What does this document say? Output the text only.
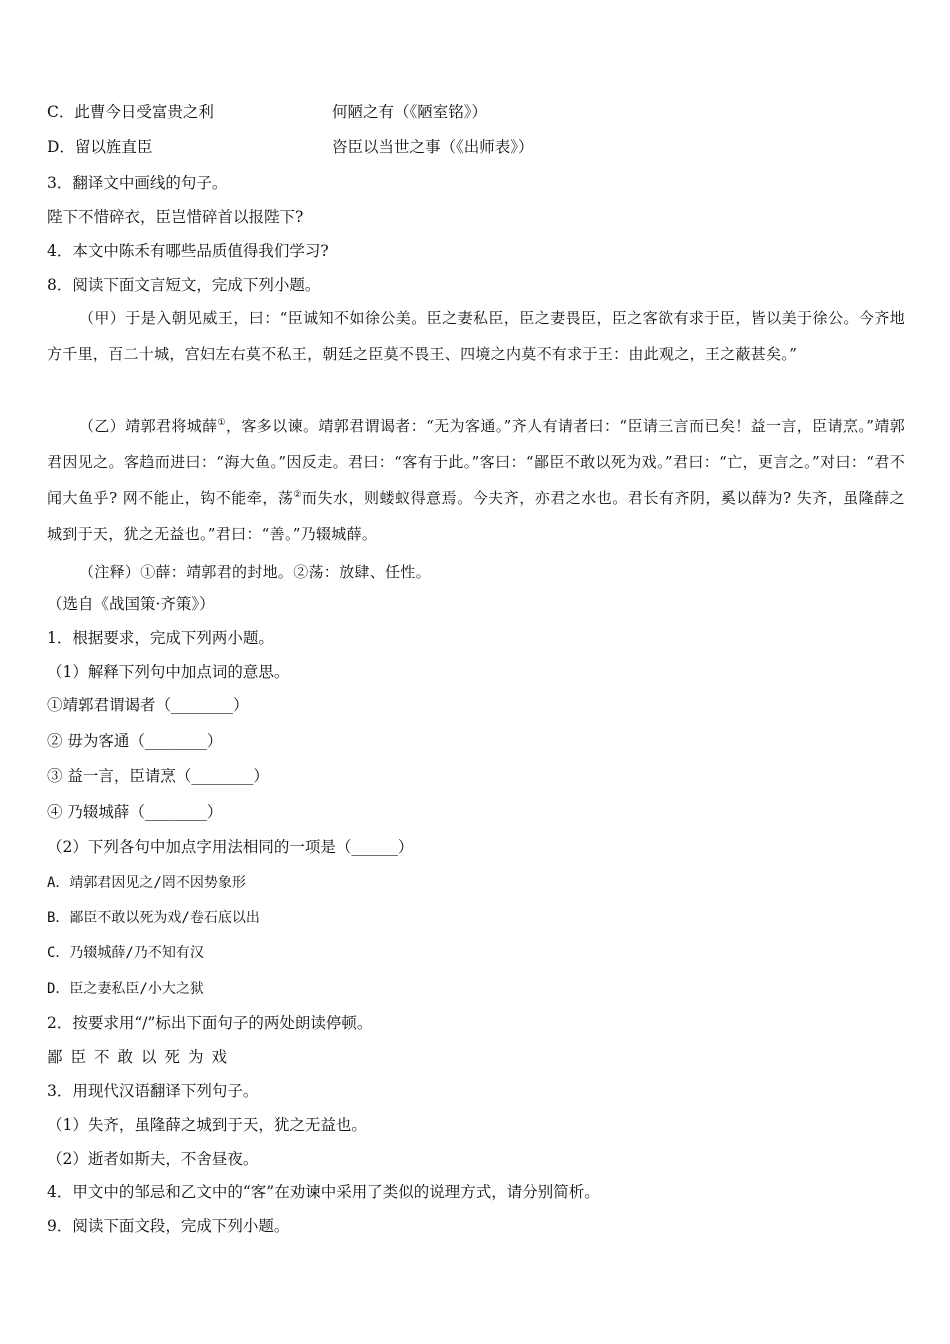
C．此曹今日受富贵之利	何陋之有（《陋室铭》）
D．留以旌直臣	咨臣以当世之事（《出师表》）
3．翻译文中画线的句子。
陛下不惜碎衣，臣岂惜碎首以报陛下?
4．本文中陈禾有哪些品质值得我们学习?
8．阅读下面文言短文，完成下列小题。
（甲）于是入朝见威王，曰：“臣诚知不如徐公美。臣之妻私臣，臣之妻畏臣，臣之客欲有求于臣，皆以美于徐公。今齐地方千里，百二十城，宫妇左右莫不私王，朝廷之臣莫不畏王、四境之内莫不有求于王：由此观之，王之蔽甚矣。”
（乙）靖郭君将城薛①，客多以谏。靖郭君谓谒者：“无为客通。”齐人有请者曰：“臣请三言而已矣！益一言，臣请烹。”靖郭君因见之。客趋而进曰：“海大鱼。”因反走。君曰：“客有于此。”客曰：“鄙臣不敢以死为戏。”君曰：“亡，更言之。”对曰：“君不闻大鱼乎? 网不能止，钩不能牵，荡②而失水，则蝼蚁得意焉。今夫齐，亦君之水也。君长有齐阴，奚以薛为? 失齐，虽隆薛之城到于天，犹之无益也。”君曰：“善。”乃辍城薛。
（注释）①薛：靖郭君的封地。②荡：放肆、任性。
（选自《战国策·齐策》）
1．根据要求，完成下列两小题。
（1）解释下列句中加点词的意思。
①靖郭君谓谒者（________）
② 毋为客通（________）
③ 益一言，臣请烹（________）
④ 乃辍城薛（________）
（2）下列各句中加点字用法相同的一项是（______）
A．靖郭君因见之/罔不因势象形
B．鄙臣不敢以死为戏/卷石底以出
C．乃辍城薛/乃不知有汉
D．臣之妻私臣/小大之狱
2．按要求用“/”标出下面句子的两处朗读停顿。
鄙臣不敢以死为戏
3．用现代汉语翻译下列句子。
（1）失齐，虽隆薛之城到于天，犹之无益也。
（2）逝者如斯夫，不舍昼夜。
4．甲文中的邹忌和乙文中的“客”在劝谏中采用了类似的说理方式，请分别简析。
9．阅读下面文段，完成下列小题。
